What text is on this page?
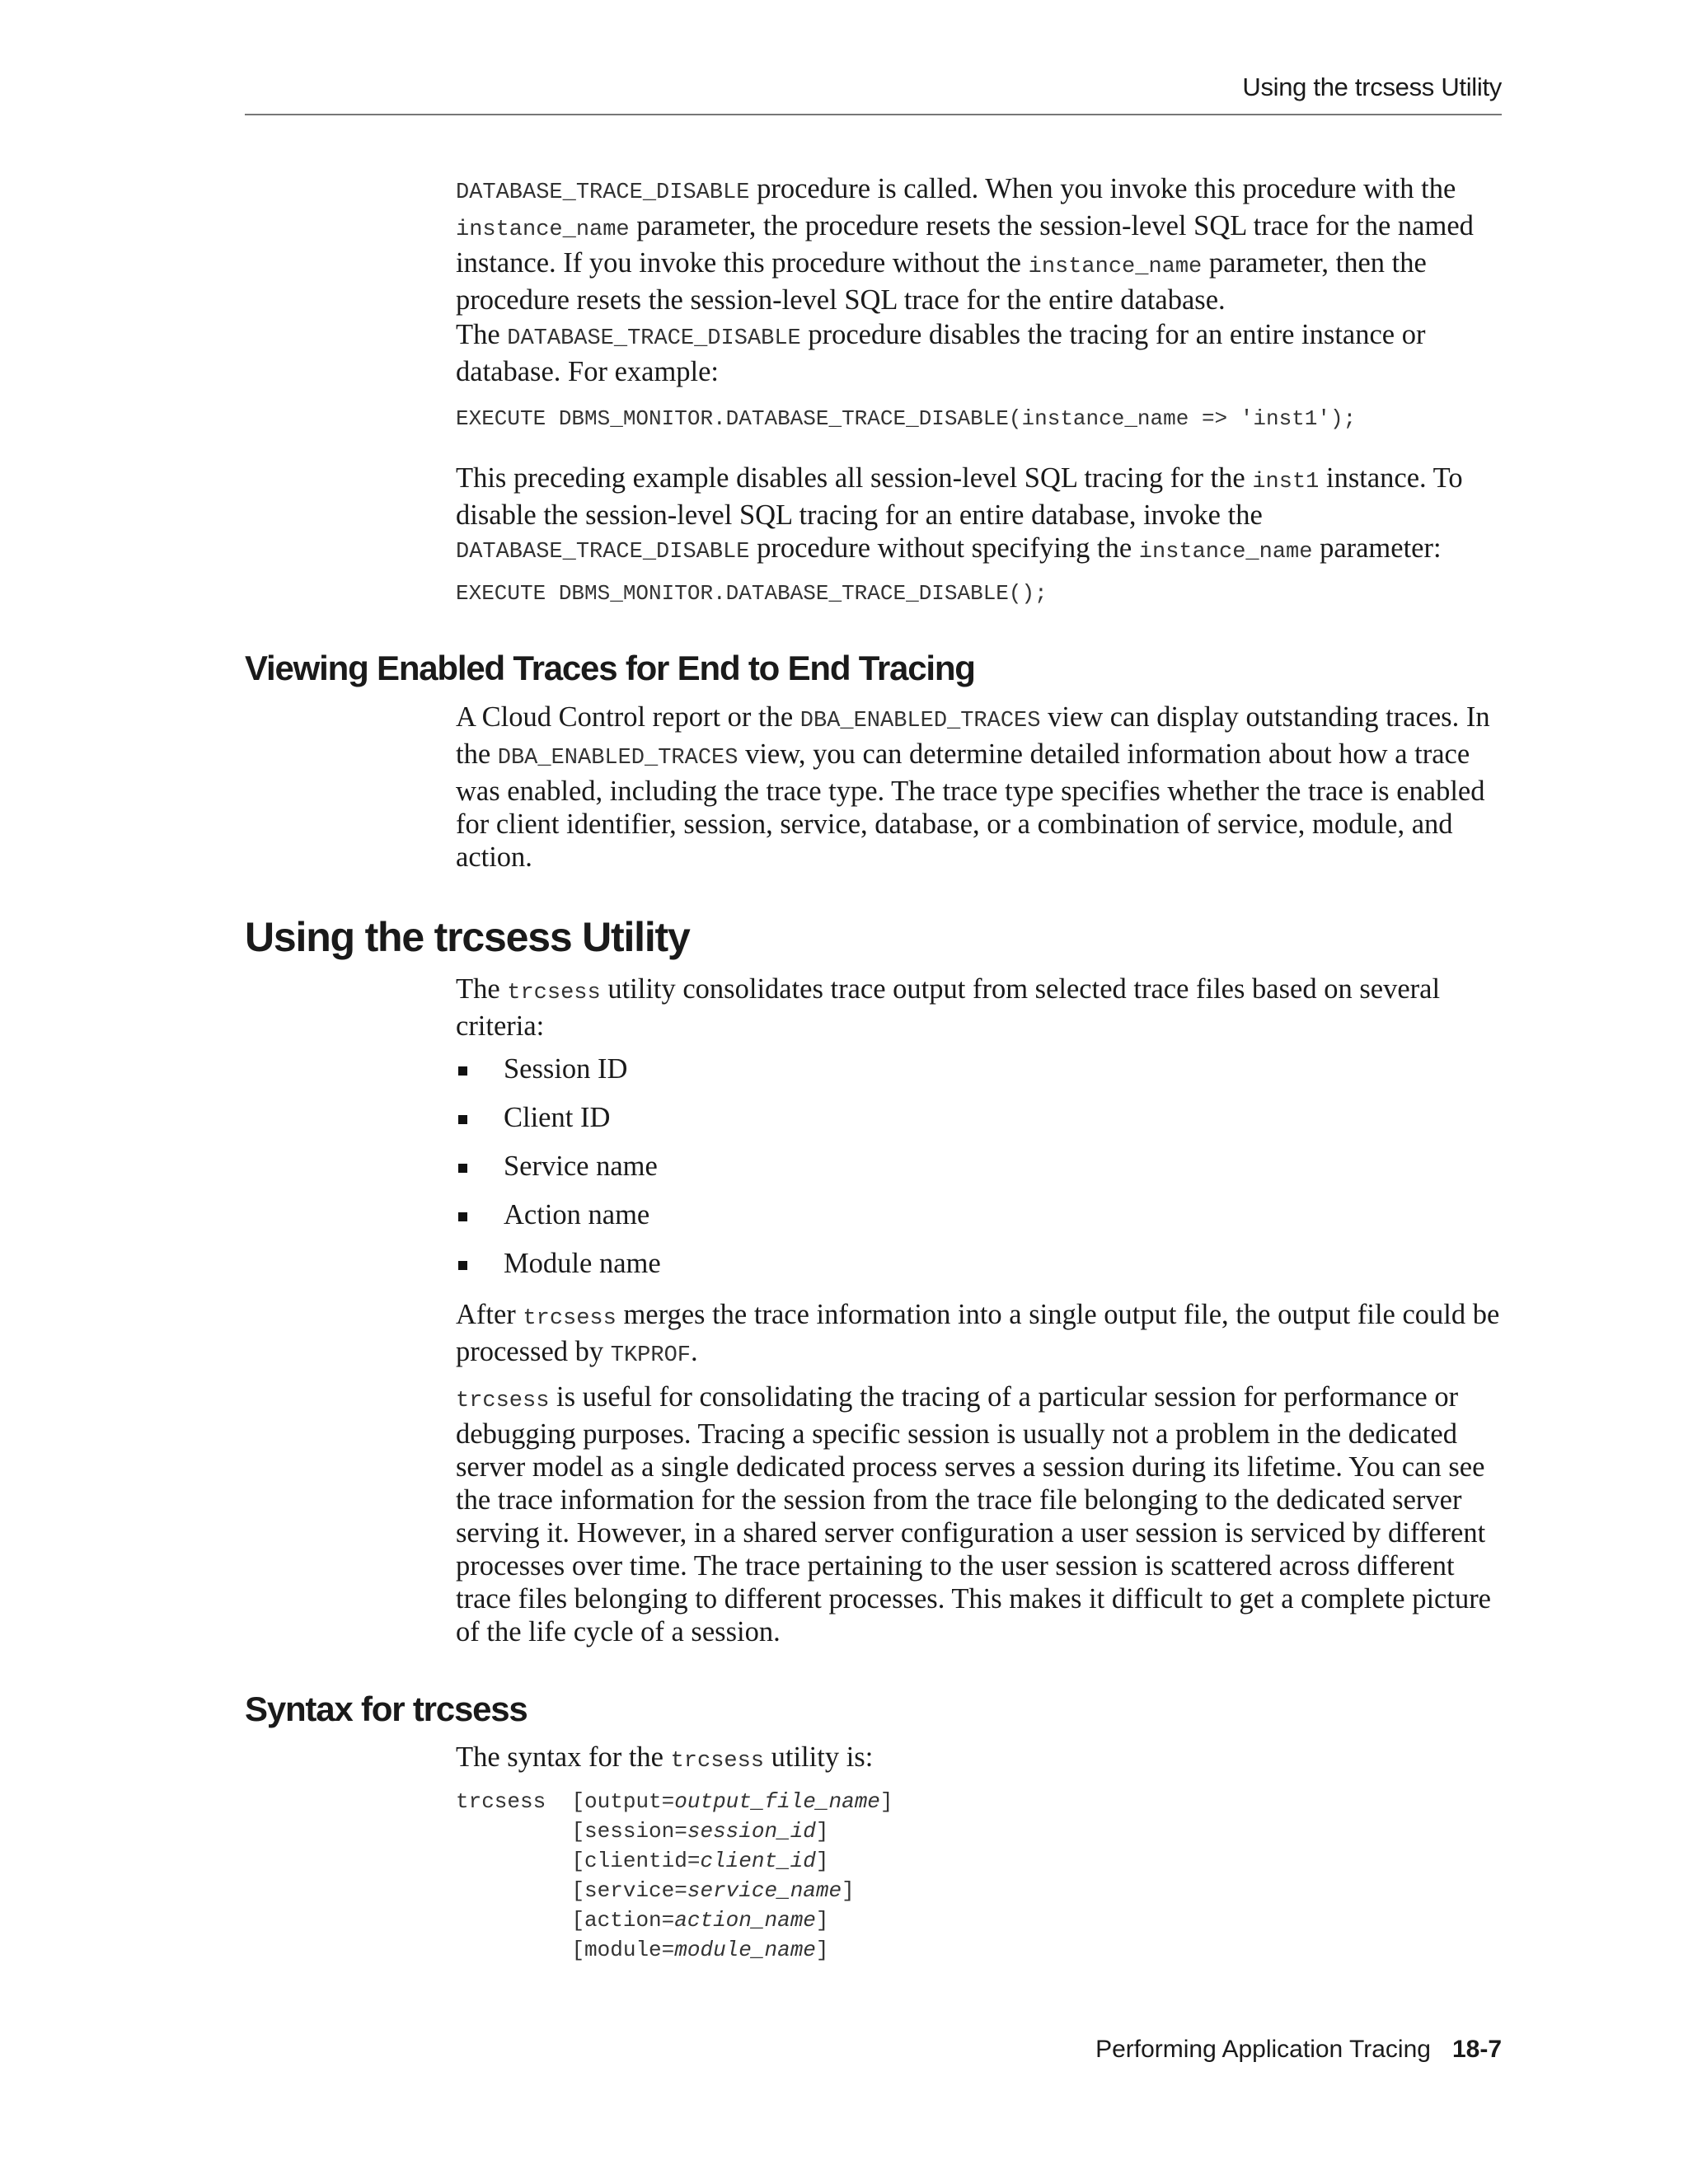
Using the trcsess Utility

DATABASE_TRACE_DISABLE procedure is called. When you invoke this procedure with the instance_name parameter, the procedure resets the session-level SQL trace for the named instance. If you invoke this procedure without the instance_name parameter, then the procedure resets the session-level SQL trace for the entire database.

The DATABASE_TRACE_DISABLE procedure disables the tracing for an entire instance or database. For example:

EXECUTE DBMS_MONITOR.DATABASE_TRACE_DISABLE(instance_name => 'inst1');

This preceding example disables all session-level SQL tracing for the inst1 instance. To disable the session-level SQL tracing for an entire database, invoke the DATABASE_TRACE_DISABLE procedure without specifying the instance_name parameter:

EXECUTE DBMS_MONITOR.DATABASE_TRACE_DISABLE();
Viewing Enabled Traces for End to End Tracing

A Cloud Control report or the DBA_ENABLED_TRACES view can display outstanding traces. In the DBA_ENABLED_TRACES view, you can determine detailed information about how a trace was enabled, including the trace type. The trace type specifies whether the trace is enabled for client identifier, session, service, database, or a combination of service, module, and action.

Using the trcsess Utility

The trcsess utility consolidates trace output from selected trace files based on several criteria:

Session ID
Client ID
Service name
Action name
Module name

After trcsess merges the trace information into a single output file, the output file could be processed by TKPROF.

trcsess is useful for consolidating the tracing of a particular session for performance or debugging purposes. Tracing a specific session is usually not a problem in the dedicated server model as a single dedicated process serves a session during its lifetime. You can see the trace information for the session from the trace file belonging to the dedicated server serving it. However, in a shared server configuration a user session is serviced by different processes over time. The trace pertaining to the user session is scattered across different trace files belonging to different processes. This makes it difficult to get a complete picture of the life cycle of a session.

Syntax for trcsess

The syntax for the trcsess utility is:

trcsess [output=output_file_name]
[session=session_id]
[clientid=client_id]
[service=service_name]
[action=action_name]
[module=module_name]
Performing Application Tracing 18-7
